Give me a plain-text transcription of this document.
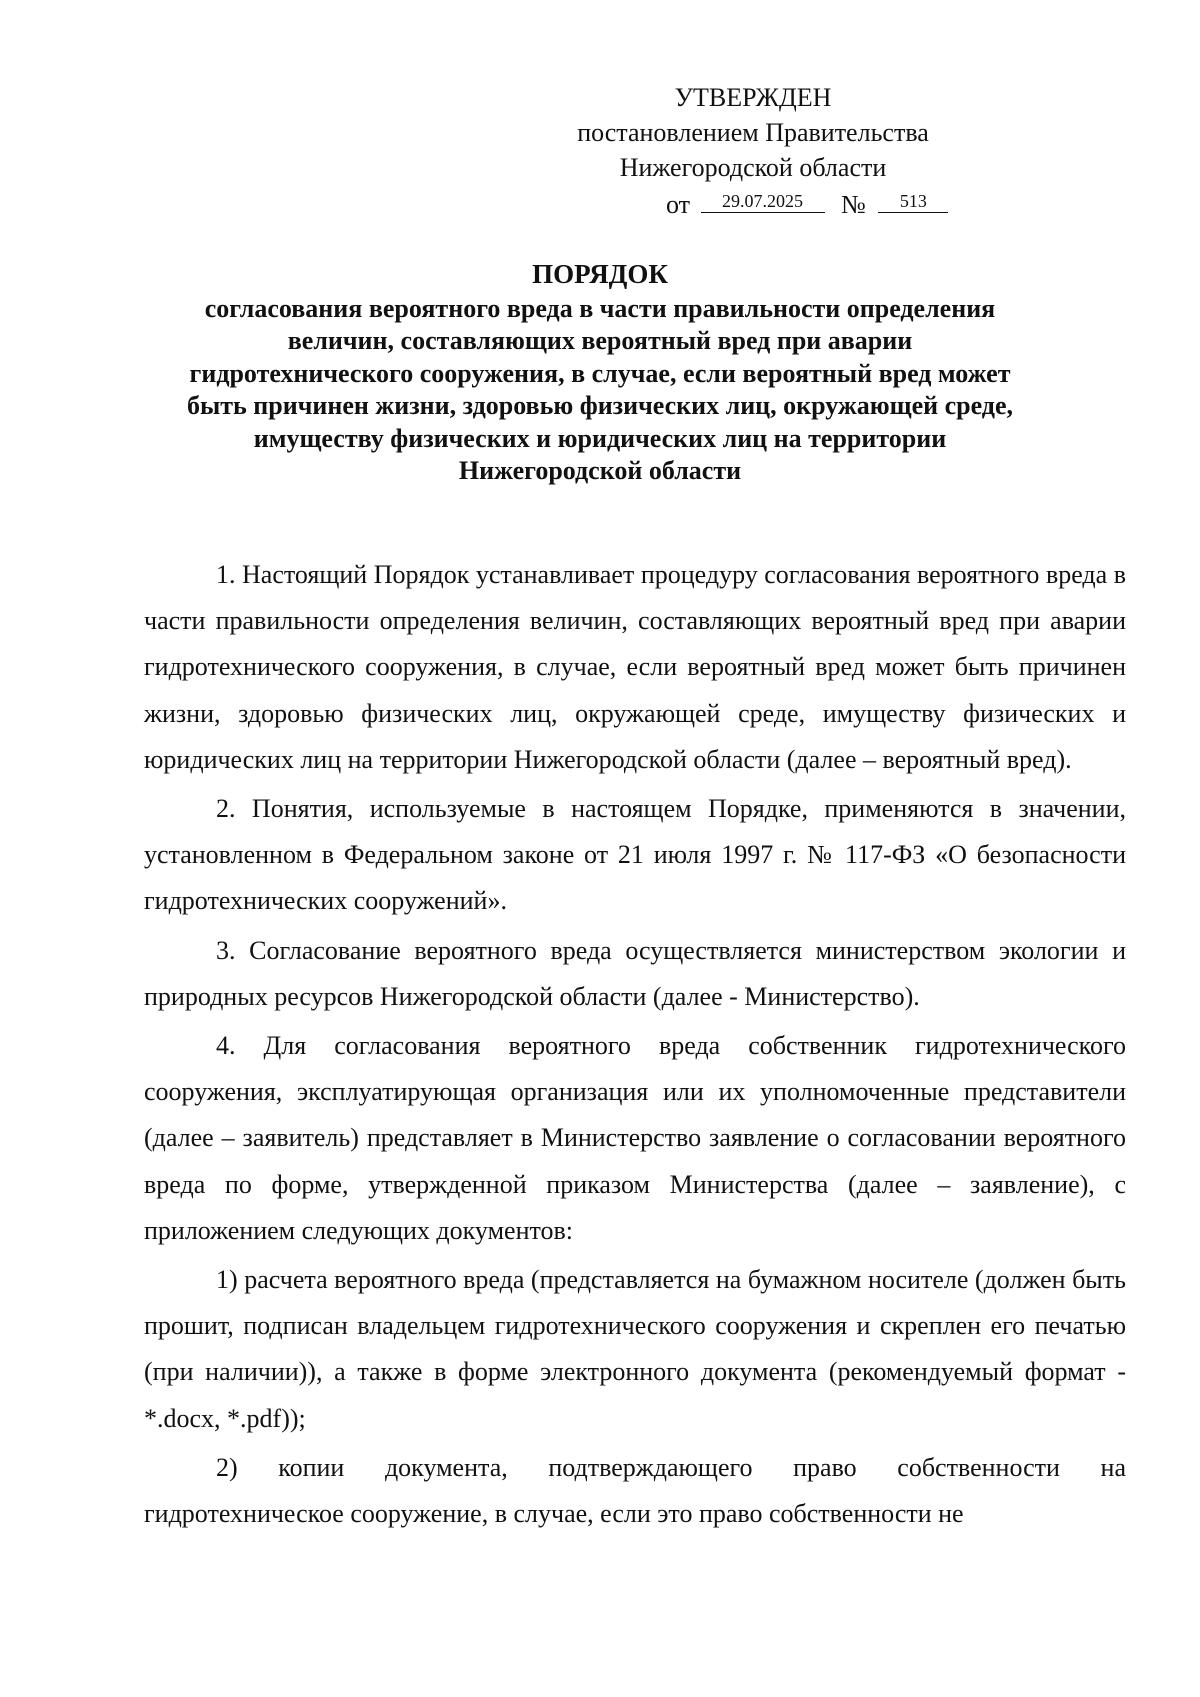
УТВЕРЖДЕН
постановлением Правительства
Нижегородской области
от 29.07.2025 № 513
ПОРЯДОК
согласования вероятного вреда в части правильности определения
величин, составляющих вероятный вред при аварии
гидротехнического сооружения, в случае, если вероятный вред может
быть причинен жизни, здоровью физических лиц, окружающей среде,
имуществу физических и юридических лиц на территории
Нижегородской области

1. Настоящий Порядок устанавливает процедуру согласования вероятного вреда в части правильности определения величин, составляющих вероятный вред при аварии гидротехнического сооружения, в случае, если вероятный вред может быть причинен жизни, здоровью физических лиц, окружающей среде, имуществу физических и юридических лиц на территории Нижегородской области (далее – вероятный вред).

2. Понятия, используемые в настоящем Порядке, применяются в значении, установленном в Федеральном законе от 21 июля 1997 г. № 117-ФЗ «О безопасности гидротехнических сооружений».

3. Согласование вероятного вреда осуществляется министерством экологии и природных ресурсов Нижегородской области (далее - Министерство).

4. Для согласования вероятного вреда собственник гидротехнического сооружения, эксплуатирующая организация или их уполномоченные представители (далее – заявитель) представляет в Министерство заявление о согласовании вероятного вреда по форме, утвержденной приказом Министерства (далее – заявление), с приложением следующих документов:

1) расчета вероятного вреда (представляется на бумажном носителе (должен быть прошит, подписан владельцем гидротехнического сооружения и скреплен его печатью (при наличии)), а также в форме электронного документа (рекомендуемый формат - *.docx, *.pdf));

2) копии документа, подтверждающего право собственности на гидротехническое сооружение, в случае, если это право собственности не
